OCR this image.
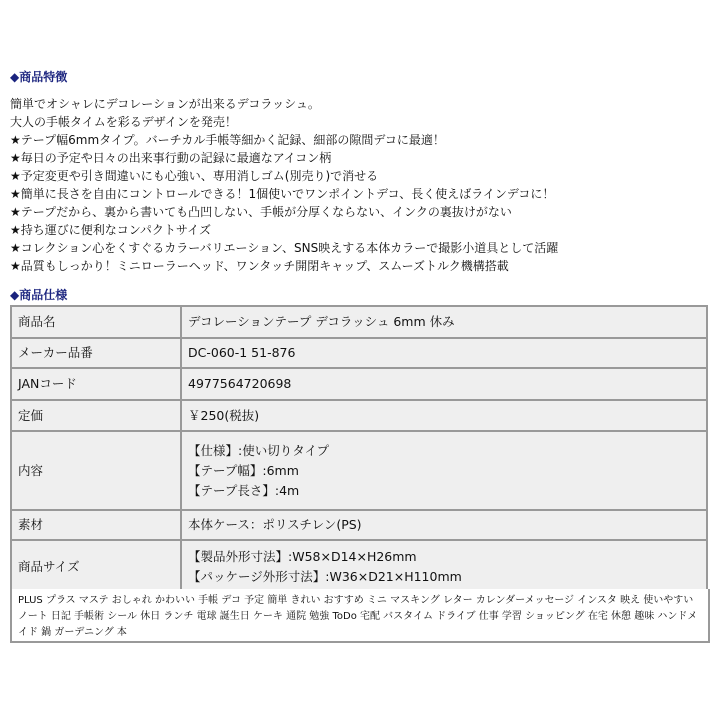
◆商品特徴
簡単でオシャレにデコレーションが出来るデコラッシュ。
大人の手帳タイムを彩るデザインを発売！
★テープ幅6mmタイプ。バーチカル手帳等細かく記録、細部の隙間デコに最適！
★毎日の予定や日々の出来事行動の記録に最適なアイコン柄
★予定変更や引き間違いにも心強い、専用消しゴム(別売り)で消せる
★簡単に長さを自由にコントロールできる！1個使いでワンポイントデコ、長く使えばラインデコに！
★テープだから、裏から書いても凸凹しない、手帳が分厚くならない、インクの裏抜けがない
★持ち運びに便利なコンパクトサイズ
★コレクション心をくすぐるカラーバリエーション、SNS映えする本体カラーで撮影小道具として活躍
★品質もしっかり！ミニローラーヘッド、ワンタッチ開閉キャップ、スムーズトルク機構搭載
◆商品仕様
商品名	デコレーションテープ デコラッシュ 6mm 休み

メーカー品番	DC-060-1 51-876

JANコード	4977564720698

定価	￥250(税抜)

内容	【仕様】:使い切りタイプ
【テープ幅】:6mm
【テープ長さ】:4m

素材	本体ケース：ポリスチレン(PS)

商品サイズ	【製品外形寸法】:W58×D14×H26mm
【パッケージ外形寸法】:W36×D21×H110mm
PLUS プラス マステ おしゃれ かわいい 手帳 デコ 予定 簡単 きれい おすすめ ミニ マスキング レター カレンダーメッセージ インスタ 映え 使いやすい ノート 日記 手帳術 シール 休日 ランチ 電球 誕生日 ケーキ 通院 勉強 ToDo 宅配 バスタイム ドライブ 仕事 学習 ショッピング 在宅 休憩 趣味 ハンドメイド 鍋 ガーデニング 本
